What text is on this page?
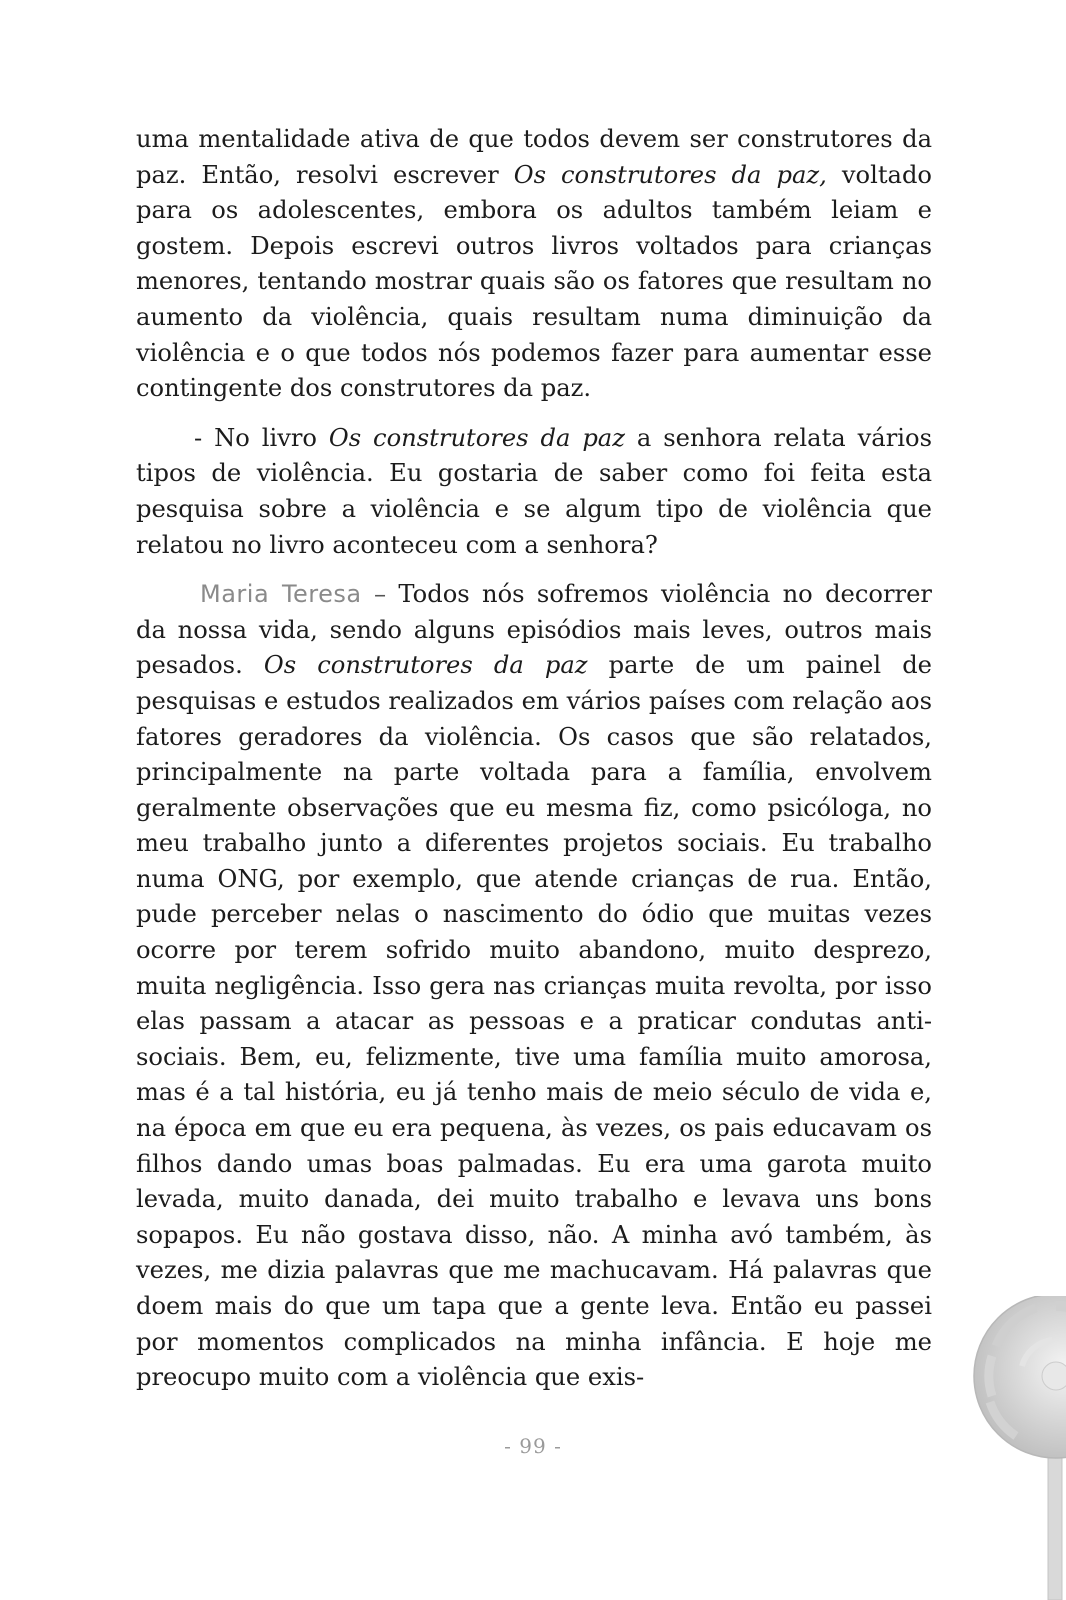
uma mentalidade ativa de que todos devem ser construtores da paz. Então, resolvi escrever Os construtores da paz, voltado para os adolescentes, embora os adultos também leiam e gostem. Depois escrevi outros livros voltados para crianças menores, tentando mostrar quais são os fatores que resultam no aumento da violência, quais resultam numa diminuição da violência e o que todos nós podemos fazer para aumentar esse contingente dos construtores da paz.

- No livro Os construtores da paz a senhora relata vários tipos de violência. Eu gostaria de saber como foi feita esta pesquisa sobre a violência e se algum tipo de violência que relatou no livro aconteceu com a senhora?

Maria Teresa – Todos nós sofremos violência no decorrer da nossa vida, sendo alguns episódios mais leves, outros mais pesados. Os construtores da paz parte de um painel de pesquisas e estudos realizados em vários países com relação aos fatores geradores da violência. Os casos que são relatados, principalmente na parte voltada para a família, envolvem geralmente observações que eu mesma fiz, como psicóloga, no meu trabalho junto a diferentes projetos sociais. Eu trabalho numa ONG, por exemplo, que atende crianças de rua. Então, pude perceber nelas o nascimento do ódio que muitas vezes ocorre por terem sofrido muito abandono, muito desprezo, muita negligência. Isso gera nas crianças muita revolta, por isso elas passam a atacar as pessoas e a praticar condutas anti-sociais. Bem, eu, felizmente, tive uma família muito amorosa, mas é a tal história, eu já tenho mais de meio século de vida e, na época em que eu era pequena, às vezes, os pais educavam os filhos dando umas boas palmadas. Eu era uma garota muito levada, muito danada, dei muito trabalho e levava uns bons sopapos. Eu não gostava disso, não. A minha avó também, às vezes, me dizia palavras que me machucavam. Há palavras que doem mais do que um tapa que a gente leva. Então eu passei por momentos complicados na minha infância. E hoje me preocupo muito com a violência que exis-

- 99 -
